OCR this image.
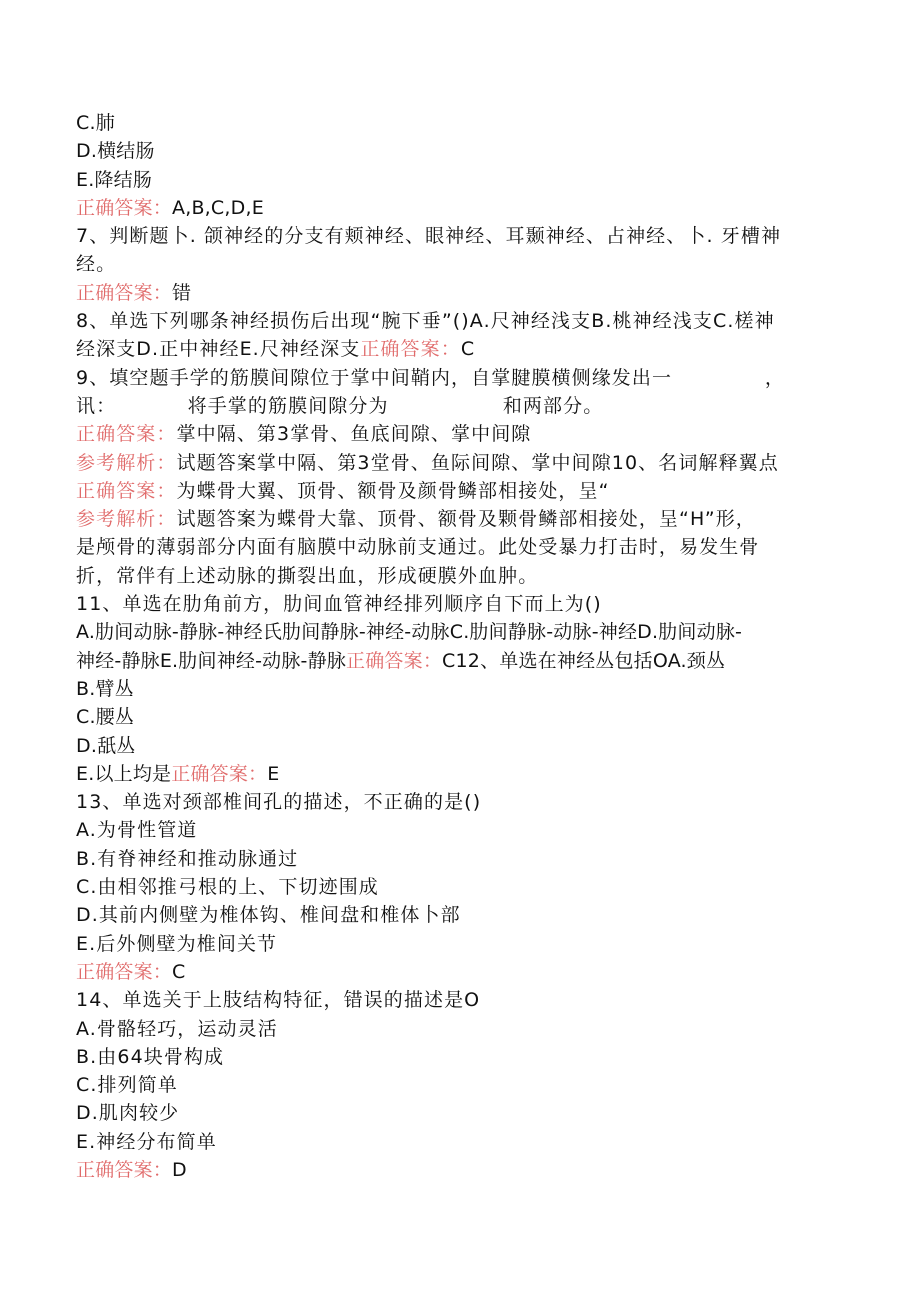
C.肺
D.横结肠
E.降结肠
正确答案：A,B,C,D,E
7、判断题卜. 颌神经的分支有颊神经、眼神经、耳颞神经、占神经、卜. 牙槽神
经。
正确答案：错
8、单选下列哪条神经损伤后出现“腕下垂”()A.尺神经浅支B.桃神经浅支C.槎神
经深支D.正中神经E.尺神经深支正确答案：C
9、填空题手学的筋膜间隙位于掌中间鞘内，自掌腱膜横侧缘发出一             ，
讯：          将手掌的筋膜间隙分为                和两部分。
正确答案：掌中隔、第3掌骨、鱼底间隙、掌中间隙
参考解析：试题答案掌中隔、第3堂骨、鱼际间隙、掌中间隙10、名词解释翼点
正确答案：为蝶骨大翼、顶骨、额骨及颜骨鳞部相接处，呈“
参考解析：试题答案为蝶骨大靠、顶骨、额骨及颗骨鳞部相接处，呈“H”形，
是颅骨的薄弱部分内面有脑膜中动脉前支通过。此处受暴力打击时，易发生骨
折，常伴有上述动脉的撕裂出血，形成硬膜外血肿。
11、单选在肋角前方，肋间血管神经排列顺序自下而上为()
A.肋间动脉-静脉-神经氏肋间静脉-神经-动脉C.肋间静脉-动脉-神经D.肋间动脉-
神经-静脉E.肋间神经-动脉-静脉正确答案：C12、单选在神经丛包括OA.颈丛
B.臂丛
C.腰丛
D.舐丛
E.以上均是正确答案：E
13、单选对颈部椎间孔的描述，不正确的是()
A.为骨性管道
B.有脊神经和推动脉通过
C.由相邻推弓根的上、下切迹围成
D.其前内侧壁为椎体钩、椎间盘和椎体卜部
E.后外侧壁为椎间关节
正确答案：C
14、单选关于上肢结构特征，错误的描述是O
A.骨骼轻巧，运动灵活
B.由64块骨构成
C.排列简单
D.肌肉较少
E.神经分布简单
正确答案：D
